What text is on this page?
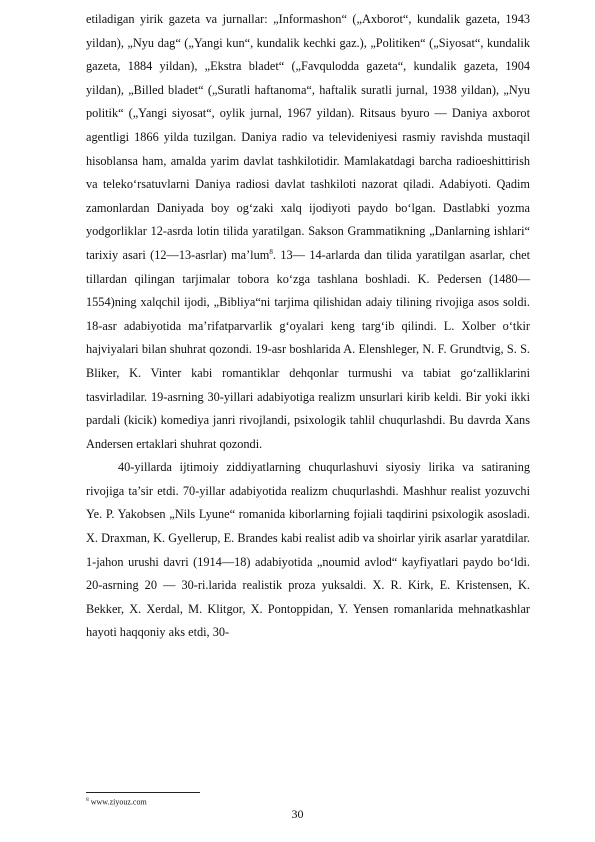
etiladigan yirik gazeta va jurnallar: „Informashon“ („Axborot“, kundalik gazeta, 1943 yildan), „Nyu dag“ („Yangi kun“, kundalik kechki gaz.), „Politiken“ („Siyosat“, kundalik gazeta, 1884 yildan), „Ekstra bladet“ („Favqulodda gazeta“, kundalik gazeta, 1904 yildan), „Billed bladet“ („Suratli haftanoma“, haftalik suratli jurnal, 1938 yildan), „Nyu politik“ („Yangi siyosat“, oylik jurnal, 1967 yildan). Ritsaus byuro — Daniya axborot agentligi 1866 yilda tuzilgan. Daniya radio va televideniyesi rasmiy ravishda mustaqil hisoblansa ham, amalda yarim davlat tashkilotidir. Mamlakatdagi barcha radioeshittirish va teleko‘rsatuvlarni Daniya radiosi davlat tashkiloti nazorat qiladi. Adabiyoti. Qadim zamonlardan Daniyada boy og‘zaki xalq ijodiyoti paydo bo‘lgan. Dastlabki yozma yodgorliklar 12-asrda lotin tilida yaratilgan. Sakson Grammatikning „Danlarning ishlari“ tarixiy asari (12—13-asrlar) ma’lum$^8$. 13— 14-arlarda dan tilida yaratilgan asarlar, chet tillardan qilingan tarjimalar tobora ko‘zga tashlana boshladi. K. Pedersen (1480—1554)ning xalqchil ijodi, „Bibliya“ni tarjima qilishidan adaiy tilining rivojiga asos soldi. 18-asr adabiyotida ma’rifatparvarlik g‘oyalari keng targ‘ib qilindi. L. Xolber o‘tkir hajviyalari bilan shuhrat qozondi. 19-asr boshlarida A. Elenshleger, N. F. Grundtvig, S. S. Bliker, K. Vinter kabi romantiklar dehqonlar turmushi va tabiat go‘zalliklarini tasvirladilar. 19-asrning 30-yillari adabiyotiga realizm unsurlari kirib keldi. Bir yoki ikki pardali (kicik) komediya janri rivojlandi, psixologik tahlil chuqurlashdi. Bu davrda Xans Andersen ertaklari shuhrat qozondi.

40-yillarda ijtimoiy ziddiyatlarning chuqurlashuvi siyosiy lirika va satiraning rivojiga ta’sir etdi. 70-yillar adabiyotida realizm chuqurlashdi. Mashhur realist yozuvchi Ye. P. Yakobsen „Nils Lyune“ romanida kiborlarning fojiali taqdirini psixologik asosladi. X. Draxman, K. Gyellerup, E. Brandes kabi realist adib va shoirlar yirik asarlar yaratdilar. 1-jahon urushi davri (1914—18) adabiyotida „noumid avlod“ kayfiyatlari paydo bo‘ldi. 20-asrning 20 — 30-ri.larida realistik proza yuksaldi. X. R. Kirk, E. Kristensen, K. Bekker, X. Xerdal, M. Klitgor, X. Pontoppidan, Y. Yensen romanlarida mehnatkashlar hayoti haqqoniy aks etdi, 30-

$^8$ www.ziyouz.com
30
